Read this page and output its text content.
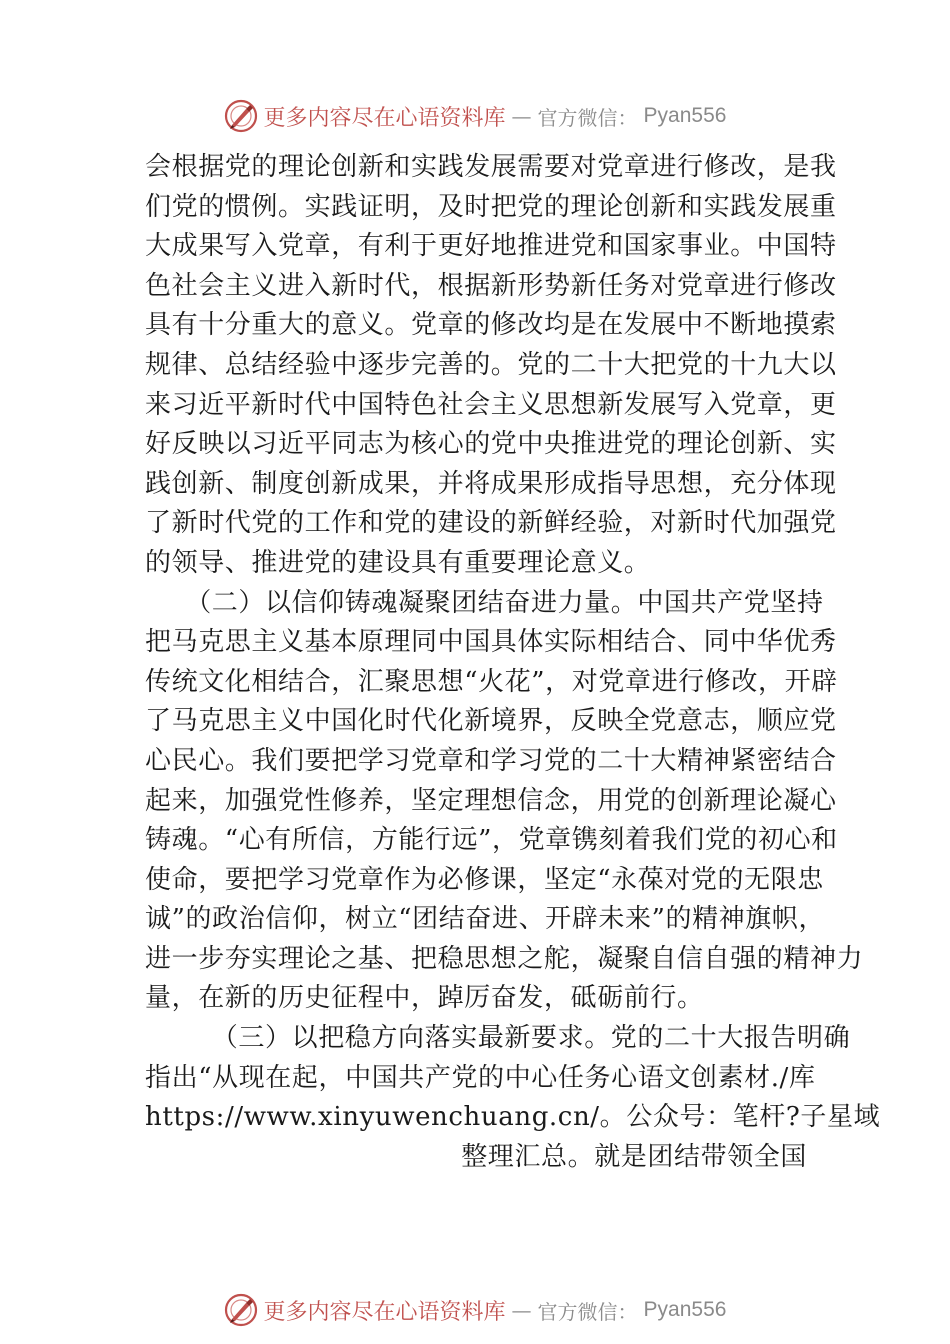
更多内容尽在心语资料库 — 官方微信： Pyan556
会根据党的理论创新和实践发展需要对党章进行修改，是我
们党的惯例。实践证明，及时把党的理论创新和实践发展重
大成果写入党章，有利于更好地推进党和国家事业。中国特
色社会主义进入新时代，根据新形势新任务对党章进行修改
具有十分重大的意义。党章的修改均是在发展中不断地摸索
规律、总结经验中逐步完善的。党的二十大把党的十九大以
来习近平新时代中国特色社会主义思想新发展写入党章，更
好反映以习近平同志为核心的党中央推进党的理论创新、实
践创新、制度创新成果，并将成果形成指导思想，充分体现
了新时代党的工作和党的建设的新鲜经验，对新时代加强党
的领导、推进党的建设具有重要理论意义。
　　（二）以信仰铸魂凝聚团结奋进力量。中国共产党坚持
把马克思主义基本原理同中国具体实际相结合、同中华优秀
传统文化相结合，汇聚思想“火花”，对党章进行修改，开辟
了马克思主义中国化时代化新境界，反映全党意志，顺应党
心民心。我们要把学习党章和学习党的二十大精神紧密结合
起来，加强党性修养，坚定理想信念，用党的创新理论凝心
铸魂。“心有所信，方能行远”，党章镌刻着我们党的初心和
使命，要把学习党章作为必修课，坚定“永葆对党的无限忠
诚”的政治信仰，树立“团结奋进、开辟未来”的精神旗帜，
进一步夯实理论之基、把稳思想之舵，凝聚自信自强的精神力
量，在新的历史征程中，踔厉奋发，砥砺前行。
　　　（三）以把稳方向落实最新要求。党的二十大报告明确
指出“从现在起，中国共产党的中心任务心语文创素材./库
https://www.xinyuwenchuang.cn/。公众号：笔杆?子星域
整理汇总。就是团结带领全国
更多内容尽在心语资料库 — 官方微信： Pyan556
